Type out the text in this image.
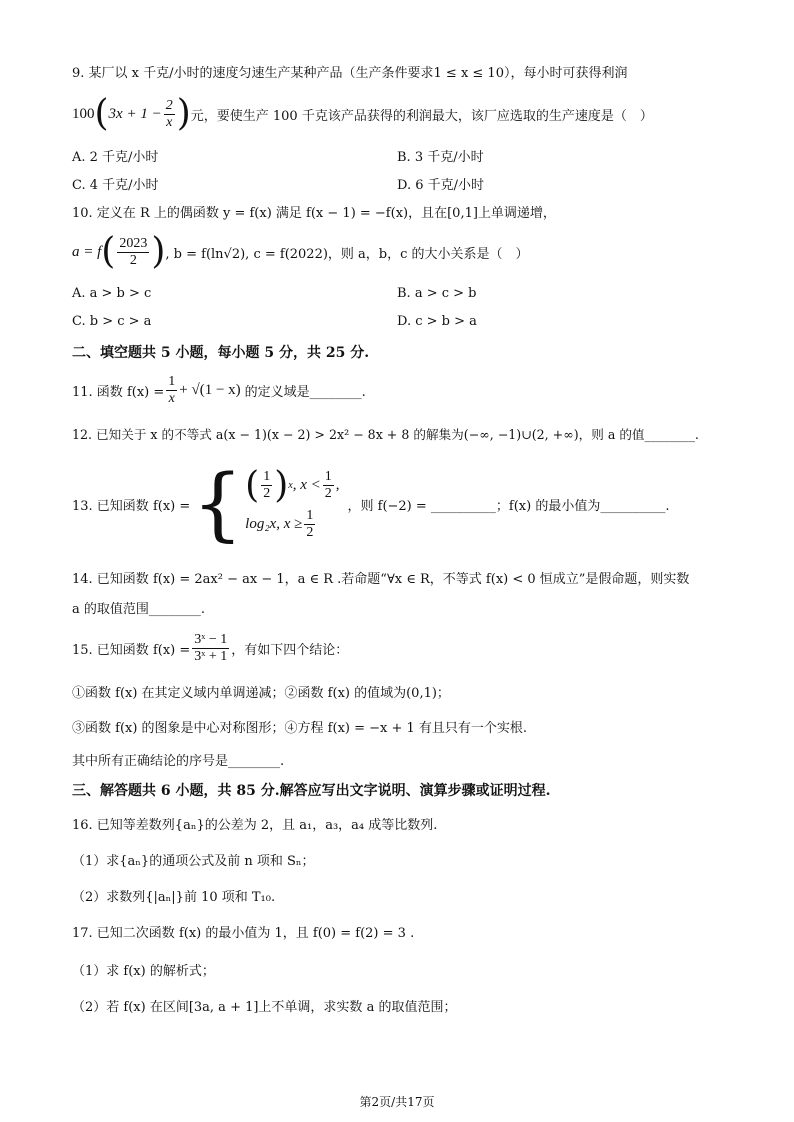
9. 某厂以 x 千克/小时的速度匀速生产某种产品（生产条件要求1 ≤ x ≤ 10），每小时可获得利润
100 ( $3x + 1 - \frac{2}{x}$ ) 元，要使生产 100 千克该产品获得的利润最大，该厂应选取的生产速度是（　）
A. 2 千克/小时	B. 3 千克/小时
C. 4 千克/小时	D. 6 千克/小时
10. 定义在 R 上的偶函数 y = f(x) 满足 f(x − 1) = −f(x)，且在[0,1]上单调递增，
a = f ( $\frac{2023}{2}$ ) , b = f(ln√2), c = f(2022)，则 a，b，c 的大小关系是（　）
A. a > b > c	B. a > c > b
C. b > c > a	D. c > b > a
二、填空题共 5 小题，每小题 5 分，共 25 分.
11. 函数 $f(x) = \frac{1}{x} + √(1 - x)$ 的定义域是________.
12. 已知关于 x 的不等式 a(x − 1)(x − 2) > 2x² − 8x + 8 的解集为(−∞, −1)∪(2, +∞)，则 a 的值________.
13. 已知函数 f(x) = { ( $\frac{1}{2}$ ) x , $x < \frac{1}{2}$ ,
log₂x, $x \ge \frac{1}{2}$
，则 f(−2) = __________；f(x) 的最小值为__________.
14. 已知函数 f(x) = 2ax² − ax − 1，a ∈ R .若命题“∀x ∈ R，不等式 f(x) < 0 恒成立”是假命题，则实数
a 的取值范围________.
15. 已知函数 $f(x) = \frac{\text{3ˣ − 1}}{\text{3ˣ + 1}}$ ，有如下四个结论：
①函数 f(x) 在其定义域内单调递减；②函数 f(x) 的值域为(0,1)；
③函数 f(x) 的图象是中心对称图形；④方程 f(x) = −x + 1 有且只有一个实根.
其中所有正确结论的序号是________.
三、解答题共 6 小题，共 85 分.解答应写出文字说明、演算步骤或证明过程.
16. 已知等差数列{aₙ}的公差为 2，且 a₁，a₃，a₄ 成等比数列.
（1）求{aₙ}的通项公式及前 n 项和 Sₙ；
（2）求数列{|aₙ|}前 10 项和 T₁₀.
17. 已知二次函数 f(x) 的最小值为 1，且 f(0) = f(2) = 3 .
（1）求 f(x) 的解析式；
（2）若 f(x) 在区间[3a, a + 1]上不单调，求实数 a 的取值范围；
第2页/共17页
